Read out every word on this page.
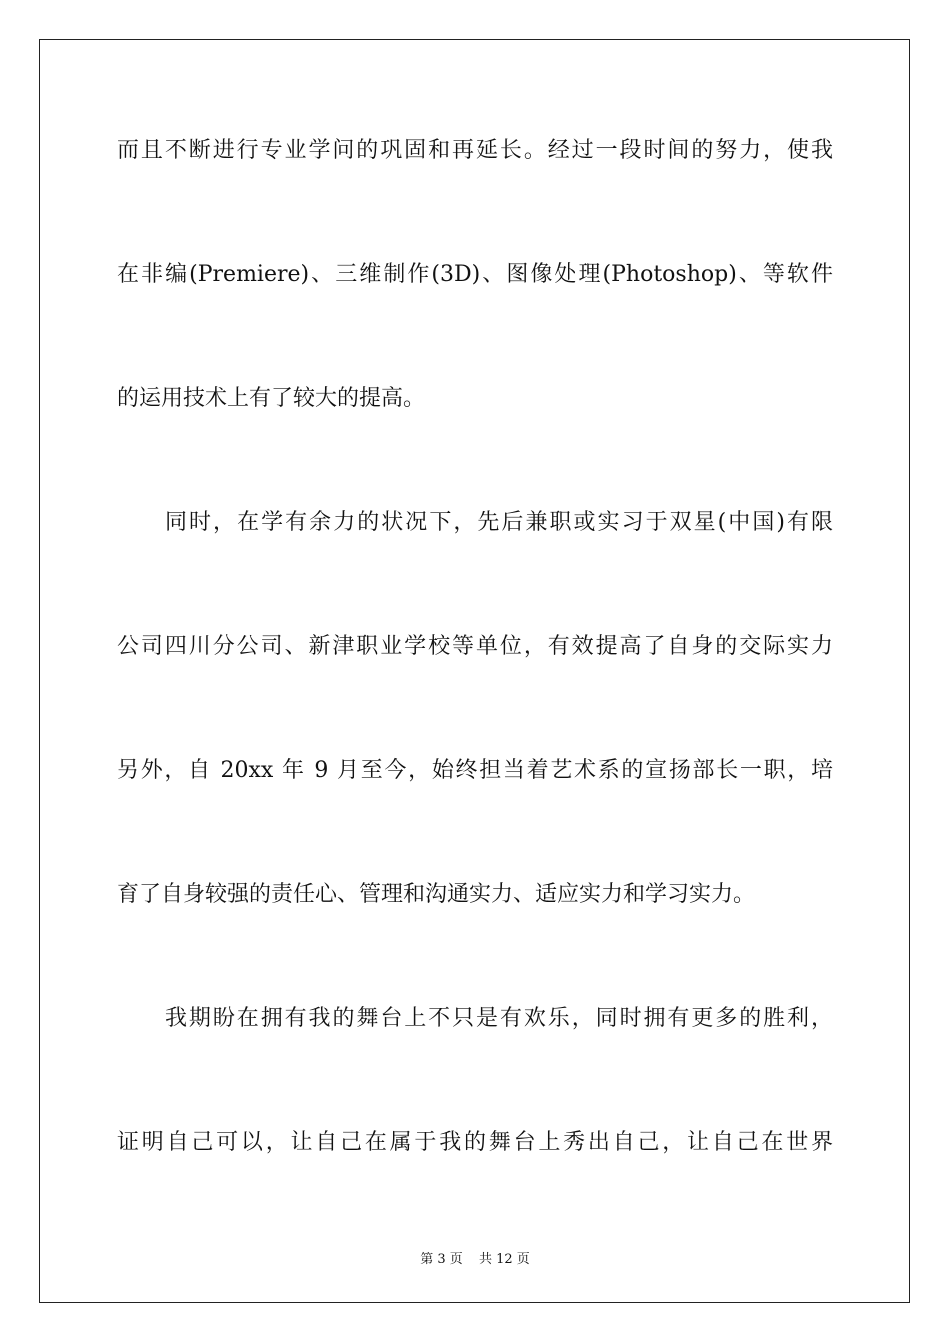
而且不断进行专业学问的巩固和再延长。经过一段时间的努力，使我
在非编(Premiere)、三维制作(3D)、图像处理(Photoshop)、等软件
的运用技术上有了较大的提高。
同时，在学有余力的状况下，先后兼职或实习于双星(中国)有限
公司四川分公司、新津职业学校等单位，有效提高了自身的交际实力
另外，自 20xx 年 9 月至今，始终担当着艺术系的宣扬部长一职，培
育了自身较强的责任心、管理和沟通实力、适应实力和学习实力。
我期盼在拥有我的舞台上不只是有欢乐，同时拥有更多的胜利，
证明自己可以，让自己在属于我的舞台上秀出自己，让自己在世界
第 3 页 共 12 页
